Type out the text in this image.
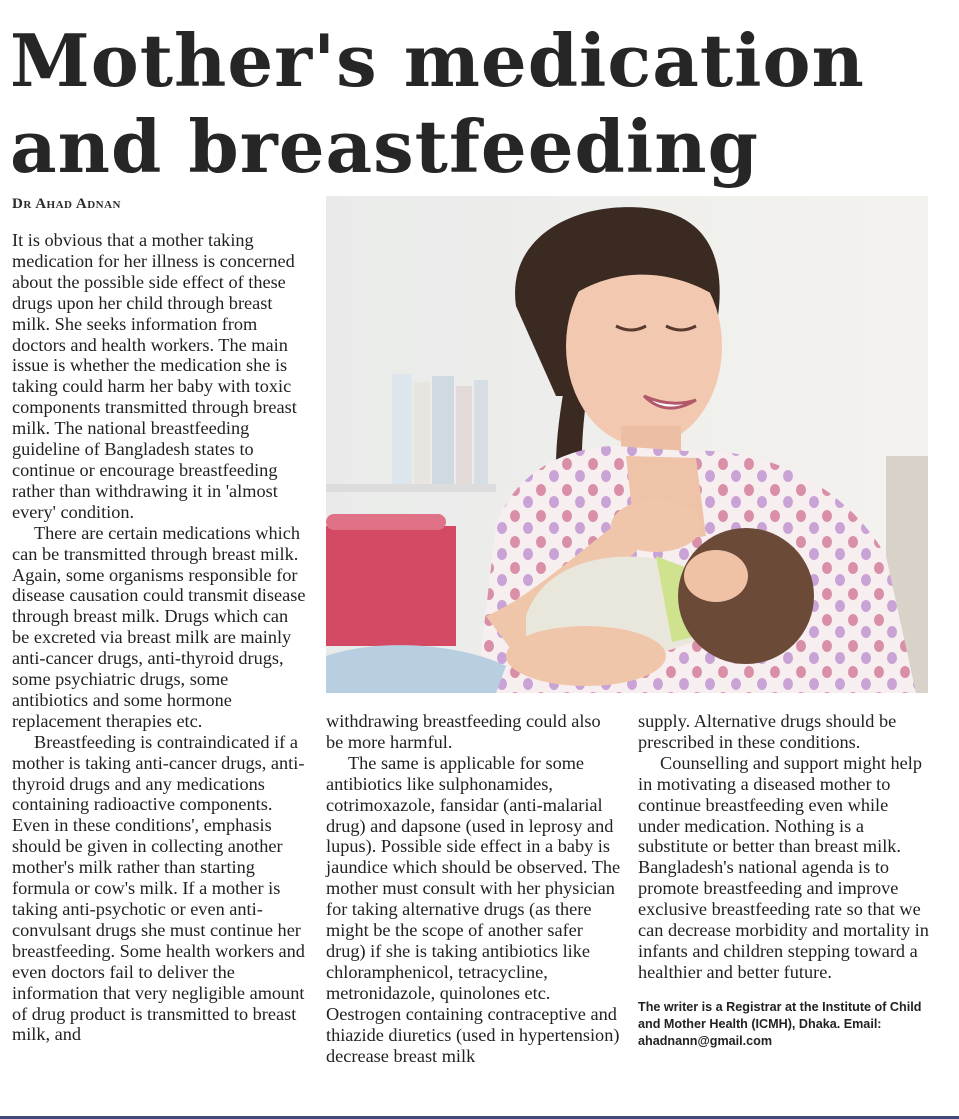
Mother's medication and breastfeeding
Dr Ahad Adnan

It is obvious that a mother taking medication for her illness is concerned about the possible side effect of these drugs upon her child through breast milk. She seeks information from doctors and health workers. The main issue is whether the medication she is taking could harm her baby with toxic components transmitted through breast milk. The national breastfeeding guideline of Bangladesh states to continue or encourage breastfeeding rather than withdrawing it in 'almost every' condition.

There are certain medications which can be transmitted through breast milk. Again, some organisms responsible for disease causation could transmit disease through breast milk. Drugs which can be excreted via breast milk are mainly anti-cancer drugs, anti-thyroid drugs, some psychiatric drugs, some antibiotics and some hormone replacement therapies etc.

Breastfeeding is contraindicated if a mother is taking anti-cancer drugs, anti-thyroid drugs and any medications containing radioactive components. Even in these conditions', emphasis should be given in collecting another mother's milk rather than starting formula or cow's milk. If a mother is taking anti-psychotic or even anti-convulsant drugs she must continue her breastfeeding. Some health workers and even doctors fail to deliver the information that very negligible amount of drug product is transmitted to breast milk, and

withdrawing breastfeeding could also be more harmful.

The same is applicable for some antibiotics like sulphonamides, cotrimoxazole, fansidar (anti-malarial drug) and dapsone (used in leprosy and lupus). Possible side effect in a baby is jaundice which should be observed. The mother must consult with her physician for taking alternative drugs (as there might be the scope of another safer drug) if she is taking antibiotics like chloramphenicol, tetracycline, metronidazole, quinolones etc. Oestrogen containing contraceptive and thiazide diuretics (used in hypertension) decrease breast milk

supply. Alternative drugs should be prescribed in these conditions.

Counselling and support might help in motivating a diseased mother to continue breastfeeding even while under medication. Nothing is a substitute or better than breast milk. Bangladesh's national agenda is to promote breastfeeding and improve exclusive breastfeeding rate so that we can decrease morbidity and mortality in infants and children stepping toward a healthier and better future.

The writer is a Registrar at the Institute of Child and Mother Health (ICMH), Dhaka. Email: ahadnann@gmail.com
